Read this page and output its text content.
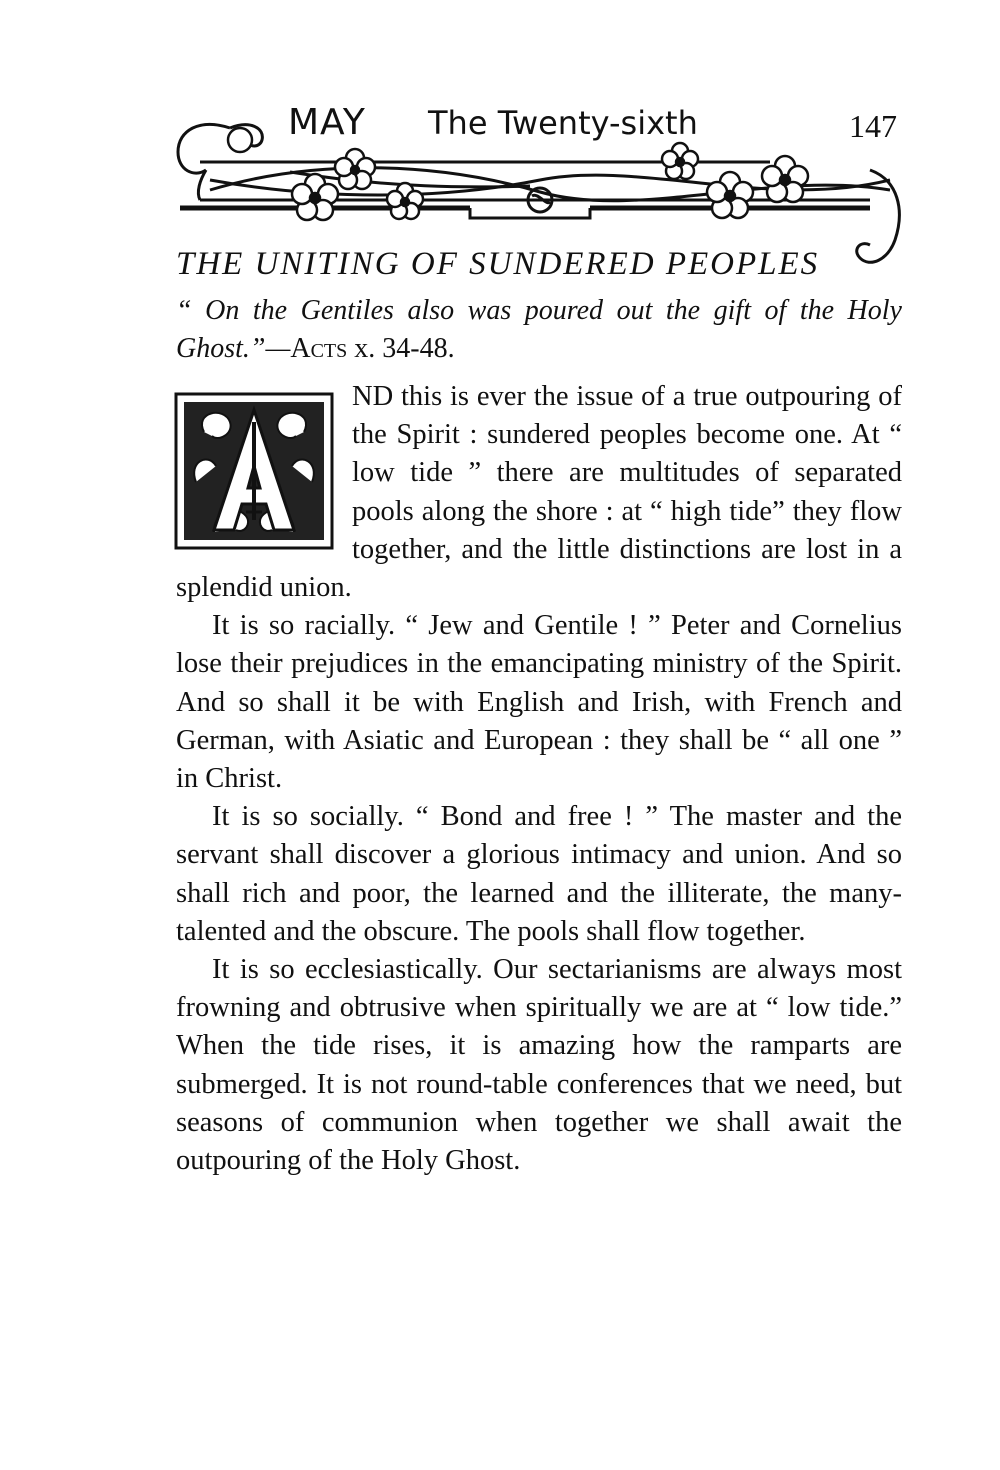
MAY The Twenty-sixth	147
THE UNITING OF SUNDERED PEOPLES
“ On the Gentiles also was poured out the gift of the Holy Ghost.”—Acts x. 34-48.

ND this is ever the issue of a true outpouring of the Spirit : sundered peoples become one. At “ low tide ” there are multitudes of separated pools along the shore : at “ high tide” they flow together, and the little distinctions are lost in a splendid union.

It is so racially. “ Jew and Gentile ! ” Peter and Cornelius lose their prejudices in the emancipating ministry of the Spirit. And so shall it be with English and Irish, with French and German, with Asiatic and European : they shall be “ all one ” in Christ.

It is so socially. “ Bond and free ! ” The master and the servant shall discover a glorious intimacy and union. And so shall rich and poor, the learned and the illiterate, the many-talented and the obscure. The pools shall flow together.

It is so ecclesiastically. Our sectarianisms are always most frowning and obtrusive when spiritually we are at “ low tide.” When the tide rises, it is amazing how the ramparts are submerged. It is not round-table conferences that we need, but seasons of communion when together we shall await the outpouring of the Holy Ghost.
